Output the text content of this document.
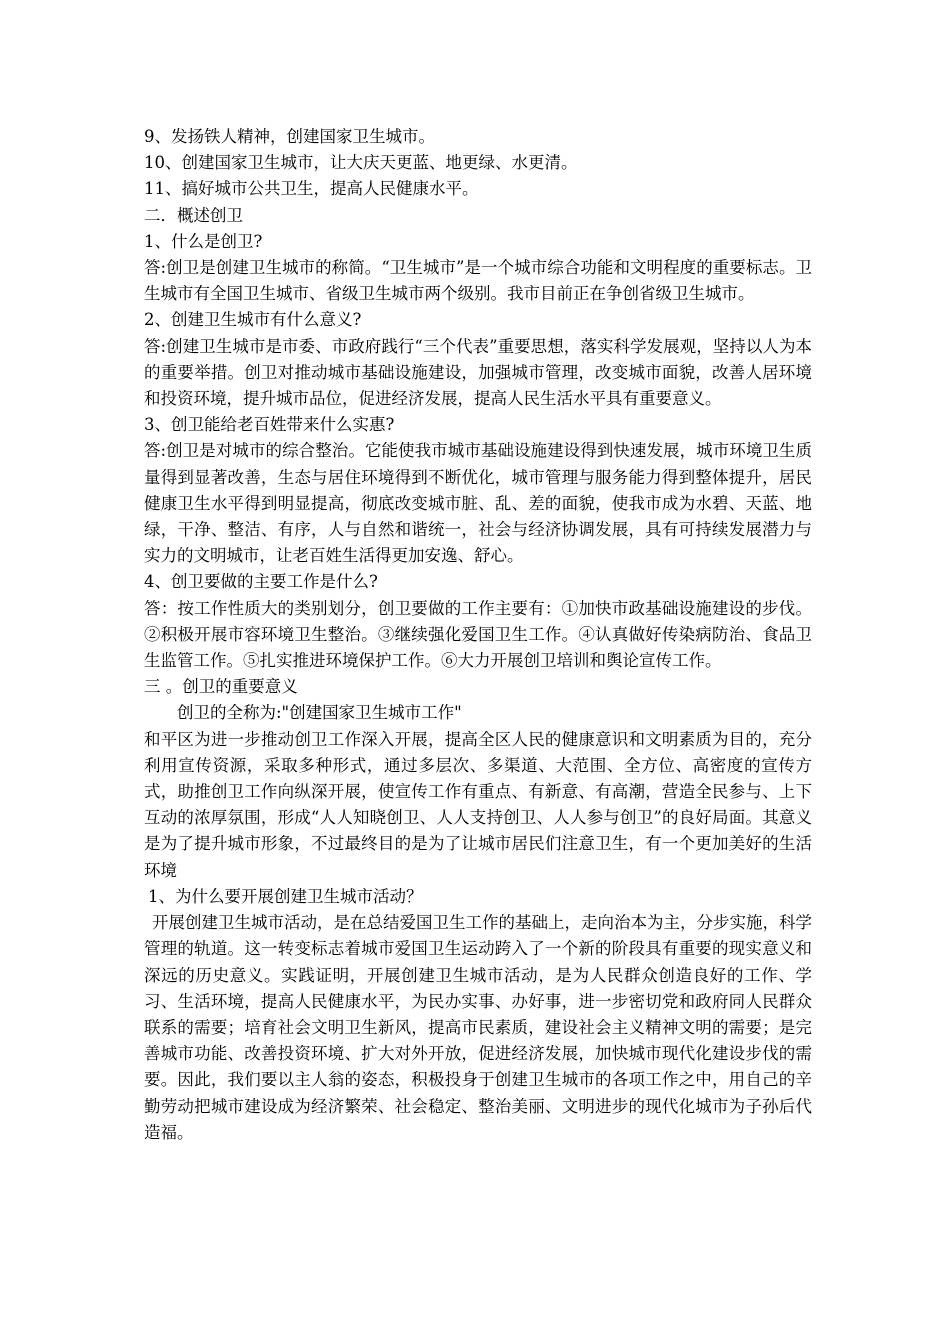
9、发扬铁人精神，创建国家卫生城市。

10、创建国家卫生城市，让大庆天更蓝、地更绿、水更清。

11、搞好城市公共卫生，提高人民健康水平。

二．概述创卫

1、什么是创卫?

答:创卫是创建卫生城市的称简。“卫生城市”是一个城市综合功能和文明程度的重要标志。卫生城市有全国卫生城市、省级卫生城市两个级别。我市目前正在争创省级卫生城市。

2、创建卫生城市有什么意义?

答:创建卫生城市是市委、市政府践行“三个代表”重要思想，落实科学发展观，坚持以人为本的重要举措。创卫对推动城市基础设施建设，加强城市管理，改变城市面貌，改善人居环境和投资环境，提升城市品位，促进经济发展，提高人民生活水平具有重要意义。

3、创卫能给老百姓带来什么实惠?

答:创卫是对城市的综合整治。它能使我市城市基础设施建设得到快速发展，城市环境卫生质量得到显著改善，生态与居住环境得到不断优化，城市管理与服务能力得到整体提升，居民健康卫生水平得到明显提高，彻底改变城市脏、乱、差的面貌，使我市成为水碧、天蓝、地绿，干净、整洁、有序，人与自然和谐统一，社会与经济协调发展，具有可持续发展潜力与实力的文明城市，让老百姓生活得更加安逸、舒心。

4、创卫要做的主要工作是什么?

答：按工作性质大的类别划分，创卫要做的工作主要有：①加快市政基础设施建设的步伐。②积极开展市容环境卫生整治。③继续强化爱国卫生工作。④认真做好传染病防治、食品卫生监管工作。⑤扎实推进环境保护工作。⑥大力开展创卫培训和舆论宣传工作。

三 。创卫的重要意义

创卫的全称为:"创建国家卫生城市工作"

和平区为进一步推动创卫工作深入开展，提高全区人民的健康意识和文明素质为目的，充分利用宣传资源，采取多种形式，通过多层次、多渠道、大范围、全方位、高密度的宣传方式，助推创卫工作向纵深开展，使宣传工作有重点、有新意、有高潮，营造全民参与、上下互动的浓厚氛围，形成“人人知晓创卫、人人支持创卫、人人参与创卫”的良好局面。其意义是为了提升城市形象，不过最终目的是为了让城市居民们注意卫生，有一个更加美好的生活环境

1、为什么要开展创建卫生城市活动？

开展创建卫生城市活动，是在总结爱国卫生工作的基础上，走向治本为主，分步实施，科学管理的轨道。这一转变标志着城市爱国卫生运动跨入了一个新的阶段具有重要的现实意义和深远的历史意义。实践证明，开展创建卫生城市活动，是为人民群众创造良好的工作、学习、生活环境，提高人民健康水平，为民办实事、办好事，进一步密切党和政府同人民群众联系的需要；培育社会文明卫生新风，提高市民素质，建设社会主义精神文明的需要；是完善城市功能、改善投资环境、扩大对外开放，促进经济发展，加快城市现代化建设步伐的需要。因此，我们要以主人翁的姿态，积极投身于创建卫生城市的各项工作之中，用自己的辛勤劳动把城市建设成为经济繁荣、社会稳定、整治美丽、文明进步的现代化城市为子孙后代造福。
